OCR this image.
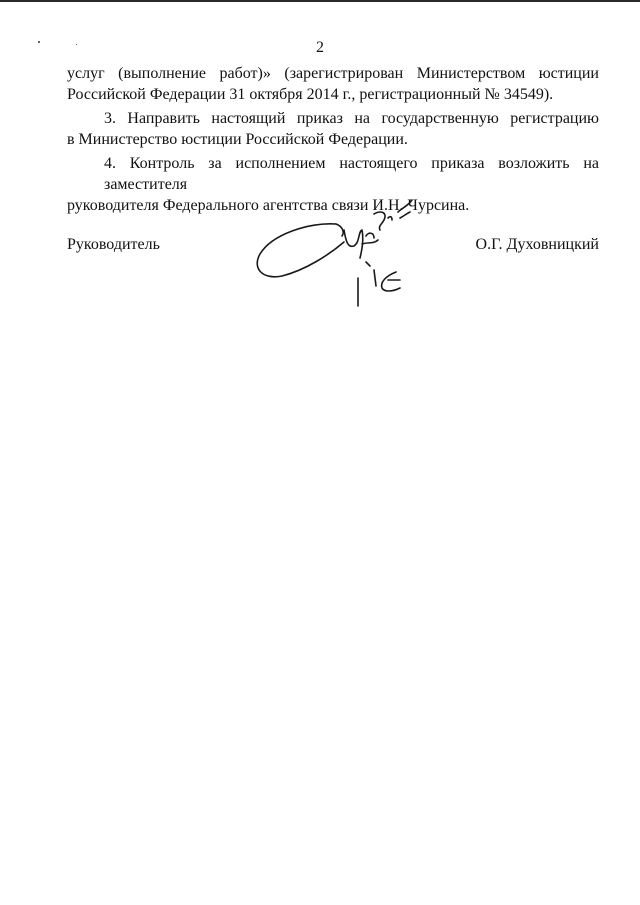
2
услуг (выполнение работ)» (зарегистрирован Министерством юстиции
Российской Федерации 31 октября 2014 г., регистрационный № 34549).
3. Направить настоящий приказ на государственную регистрацию
в Министерство юстиции Российской Федерации.
4. Контроль за исполнением настоящего приказа возложить на заместителя
руководителя Федерального агентства связи И.Н. Чурсина.
Руководитель	О.Г. Духовницкий
